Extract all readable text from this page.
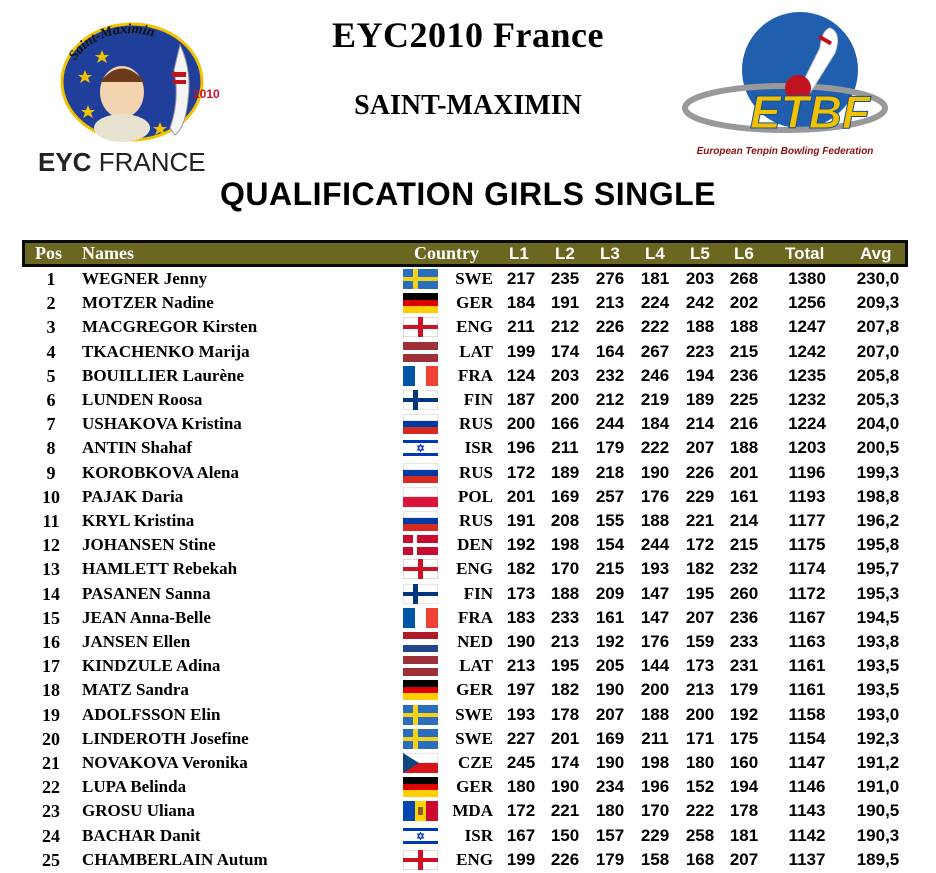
Saint-Maximin
2010
EYC FRANCE
EYC2010 France
SAINT-MAXIMIN	ETBF
European Tenpin Bowling Federation
QUALIFICATION GIRLS SINGLE
Pos Names	Country L1 L2 L3 L4 L5 L6 Total Avg
1	WEGNER Jenny	SWE 217 235 276 181 203 268	1380	230,0
2	MOTZER Nadine	GER 184 191 213 224 242 202	1256	209,3
3	MACGREGOR Kirsten	ENG 211 212 226 222 188 188	1247	207,8
4	TKACHENKO Marija	LAT 199 174 164 267 223 215	1242	207,0
5	BOUILLIER Laurène	FRA 124 203 232 246 194 236	1235	205,8
6	LUNDEN Roosa	FIN 187 200 212 219 189 225	1232	205,3
7	USHAKOVA Kristina	RUS 200 166 244 184 214 216	1224	204,0
8	ANTIN Shahaf	ISR 196 211	179 222 207 188	1203	200,5
9	KOROBKOVA Alena	RUS 172 189 218 190 226 201	1196	199,3
10	PAJAK Daria	POL 201 169 257 176 229 161	1193	198,8
11	KRYL Kristina	RUS 191 208 155 188 221 214	1177	196,2
12	JOHANSEN Stine	DEN 192 198 154 244 172 215	1175	195,8
13	HAMLETT Rebekah	ENG 182 170 215 193 182 232	1174	195,7
14	PASANEN Sanna	FIN 173 188 209 147 195 260	1172	195,3
15	JEAN Anna-Belle	FRA 183 233 161 147 207 236	1167	194,5
16	JANSEN Ellen	NED 190 213 192 176 159 233	1163	193,8
17	KINDZULE Adina	LAT 213 195 205 144 173 231	1161	193,5
18	MATZ Sandra	GER 197 182 190 200 213 179	1161	193,5
19	ADOLFSSON Elin	SWE 193 178 207 188 200 192	1158	193,0
20	LINDEROTH Josefine	SWE 227 201 169	211	171 175	1154	192,3
21	NOVAKOVA Veronika	CZE 245 174 190 198 180 160	1147	191,2
22	LUPA Belinda	GER 180 190 234 196 152 194	1146	191,0
23	GROSU Uliana	MDA 172 221 180 170 222 178	1143	190,5
24	BACHAR Danit	ISR 167 150 157 229 258 181	1142	190,3
25	CHAMBERLAIN Autum	ENG 199 226 179 158 168 207	1137	189,5
